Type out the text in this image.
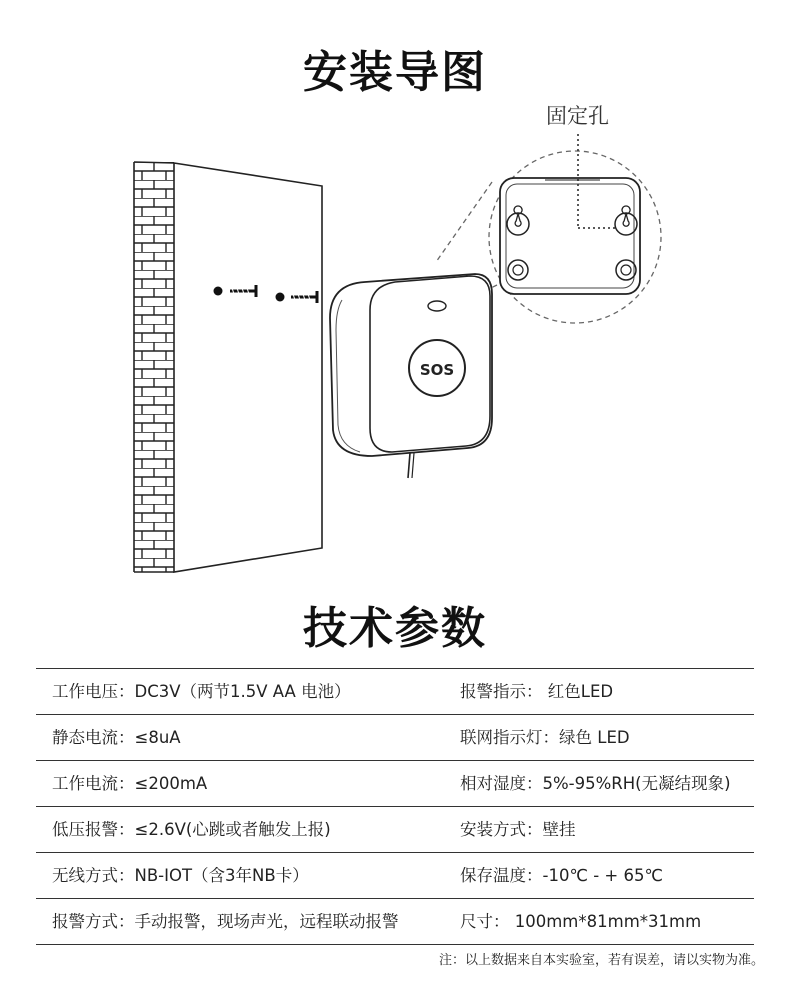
安装导图
SOS
固定孔
技术参数
工作电压：DC3V（两节1.5V AA 电池）	报警指示： 红色LED
静态电流：≤8uA	联网指示灯：绿色 LED
工作电流：≤200mA	相对湿度：5%-95%RH(无凝结现象)
低压报警：≤2.6V(心跳或者触发上报)	安装方式：壁挂
无线方式：NB-IOT（含3年NB卡）	保存温度：-10℃ - + 65℃
报警方式：手动报警，现场声光，远程联动报警	尺寸： 100mm*81mm*31mm
注：以上数据来自本实验室，若有误差，请以实物为准。
